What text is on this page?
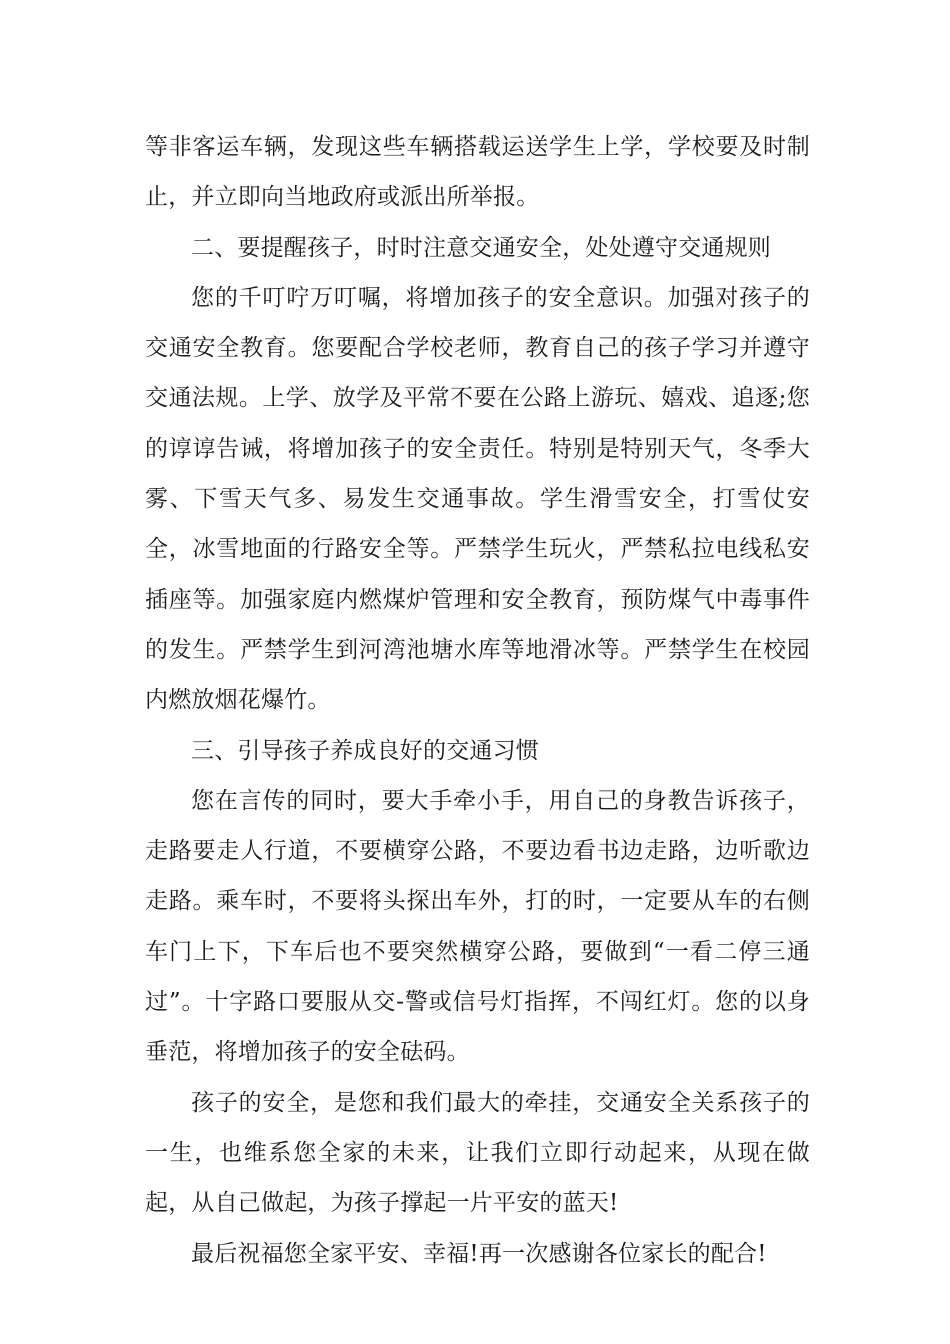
等非客运车辆，发现这些车辆搭载运送学生上学，学校要及时制止，并立即向当地政府或派出所举报。

二、要提醒孩子，时时注意交通安全，处处遵守交通规则

您的千叮咛万叮嘱，将增加孩子的安全意识。加强对孩子的交通安全教育。您要配合学校老师，教育自己的孩子学习并遵守交通法规。上学、放学及平常不要在公路上游玩、嬉戏、追逐;您的谆谆告诫，将增加孩子的安全责任。特别是特别天气，冬季大雾、下雪天气多、易发生交通事故。学生滑雪安全，打雪仗安全，冰雪地面的行路安全等。严禁学生玩火，严禁私拉电线私安插座等。加强家庭内燃煤炉管理和安全教育，预防煤气中毒事件的发生。严禁学生到河湾池塘水库等地滑冰等。严禁学生在校园内燃放烟花爆竹。

三、引导孩子养成良好的交通习惯

您在言传的同时，要大手牵小手，用自己的身教告诉孩子，走路要走人行道，不要横穿公路，不要边看书边走路，边听歌边走路。乘车时，不要将头探出车外，打的时，一定要从车的右侧车门上下，下车后也不要突然横穿公路，要做到“一看二停三通过”。十字路口要服从交-警或信号灯指挥，不闯红灯。您的以身垂范，将增加孩子的安全砝码。

孩子的安全，是您和我们最大的牵挂，交通安全关系孩子的一生，也维系您全家的未来，让我们立即行动起来，从现在做起，从自己做起，为孩子撑起一片平安的蓝天!

最后祝福您全家平安、幸福!再一次感谢各位家长的配合!
